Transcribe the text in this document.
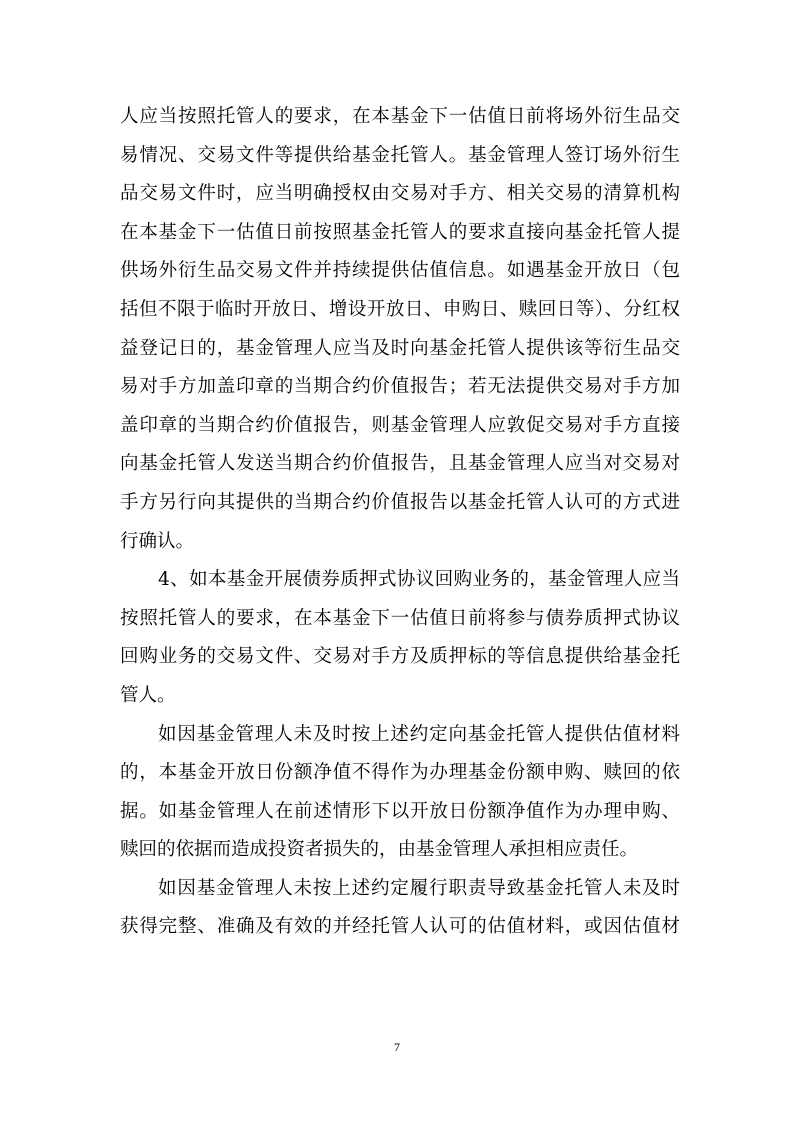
人应当按照托管人的要求，在本基金下一估值日前将场外衍生品交
易情况、交易文件等提供给基金托管人。基金管理人签订场外衍生
品交易文件时，应当明确授权由交易对手方、相关交易的清算机构
在本基金下一估值日前按照基金托管人的要求直接向基金托管人提
供场外衍生品交易文件并持续提供估值信息。如遇基金开放日（包
括但不限于临时开放日、增设开放日、申购日、赎回日等）、分红权
益登记日的，基金管理人应当及时向基金托管人提供该等衍生品交
易对手方加盖印章的当期合约价值报告；若无法提供交易对手方加
盖印章的当期合约价值报告，则基金管理人应敦促交易对手方直接
向基金托管人发送当期合约价值报告，且基金管理人应当对交易对
手方另行向其提供的当期合约价值报告以基金托管人认可的方式进
行确认。
4、如本基金开展债券质押式协议回购业务的，基金管理人应当
按照托管人的要求，在本基金下一估值日前将参与债券质押式协议
回购业务的交易文件、交易对手方及质押标的等信息提供给基金托
管人。
如因基金管理人未及时按上述约定向基金托管人提供估值材料
的，本基金开放日份额净值不得作为办理基金份额申购、赎回的依
据。如基金管理人在前述情形下以开放日份额净值作为办理申购、
赎回的依据而造成投资者损失的，由基金管理人承担相应责任。
如因基金管理人未按上述约定履行职责导致基金托管人未及时
获得完整、准确及有效的并经托管人认可的估值材料，或因估值材
7
